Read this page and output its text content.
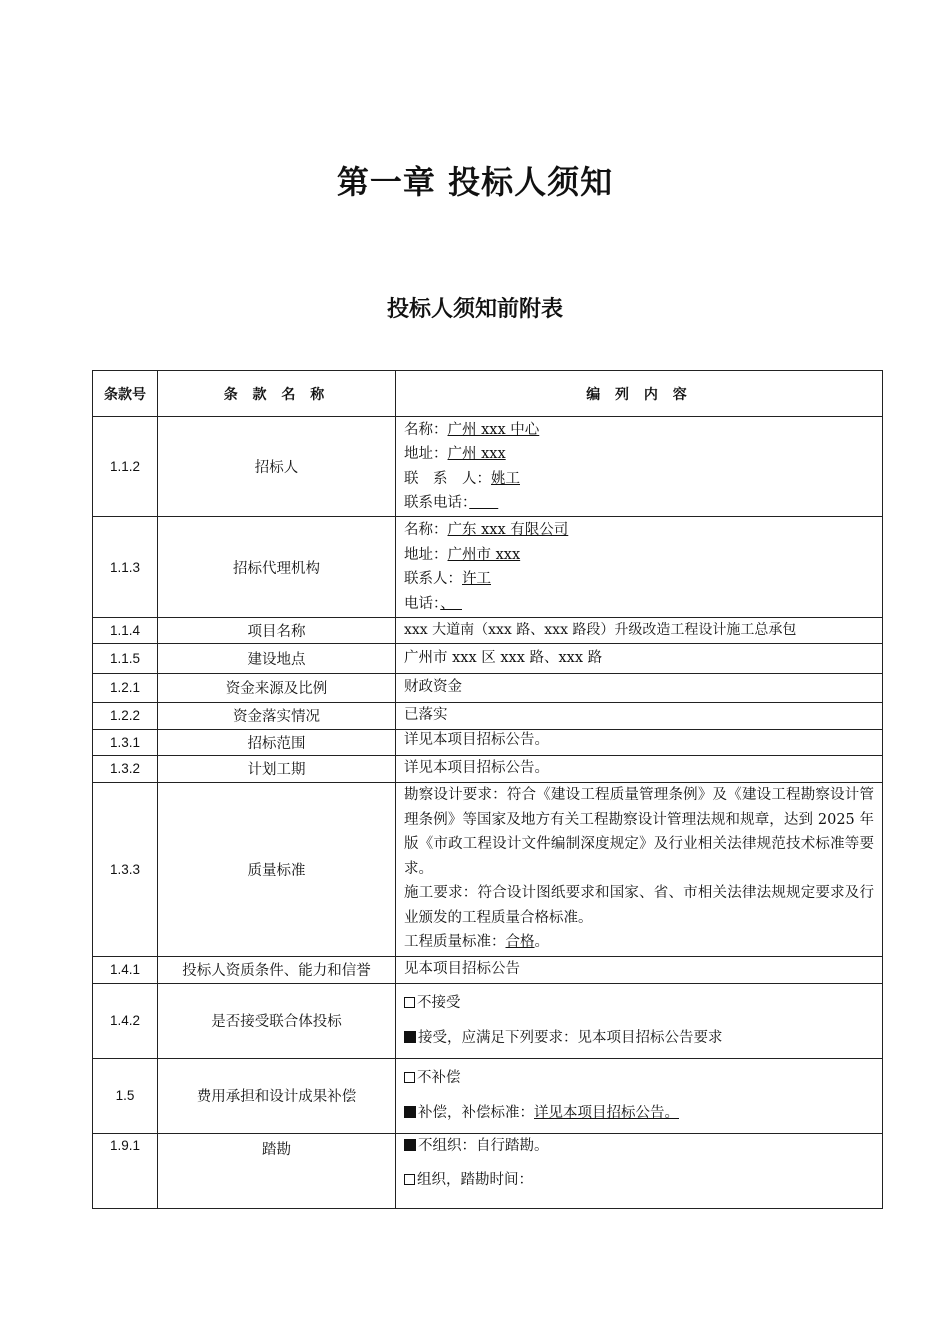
第一章 投标人须知
投标人须知前附表
条款号	条 款 名 称	编 列 内 容
1.1.2	招标人	名称：广州 xxx 中心
地址：广州 xxx
联　系　人：姚工
联系电话：　　

1.1.3	招标代理机构	名称：广东 xxx 有限公司
地址：广州市 xxx
联系人：许工
电话：、　

1.1.4	项目名称	xxx 大道南（xxx 路、xxx 路段）升级改造工程设计施工总承包
1.1.5	建设地点	广州市 xxx 区 xxx 路、xxx 路
1.2.1	资金来源及比例	财政资金
1.2.2	资金落实情况	已落实
1.3.1	招标范围	详见本项目招标公告。
1.3.2	计划工期	详见本项目招标公告。
1.3.3	质量标准	勘察设计要求：符合《建设工程质量管理条例》及《建设工程勘察设计管理条例》等国家及地方有关工程勘察设计管理法规和规章，达到 2025 年版《市政工程设计文件编制深度规定》及行业相关法律规范技术标准等要求。
施工要求：符合设计图纸要求和国家、省、市相关法律法规规定要求及行业颁发的工程质量合格标准。
工程质量标准：合格。

1.4.1	投标人资质条件、能力和信誉	见本项目招标公告
1.4.2	是否接受联合体投标	不接受
接受，应满足下列要求：见本项目招标公告要求

1.5	费用承担和设计成果补偿	不补偿
补偿，补偿标准：详见本项目招标公告。

1.9.1	踏勘	不组织：自行踏勘。
组织，踏勘时间：
